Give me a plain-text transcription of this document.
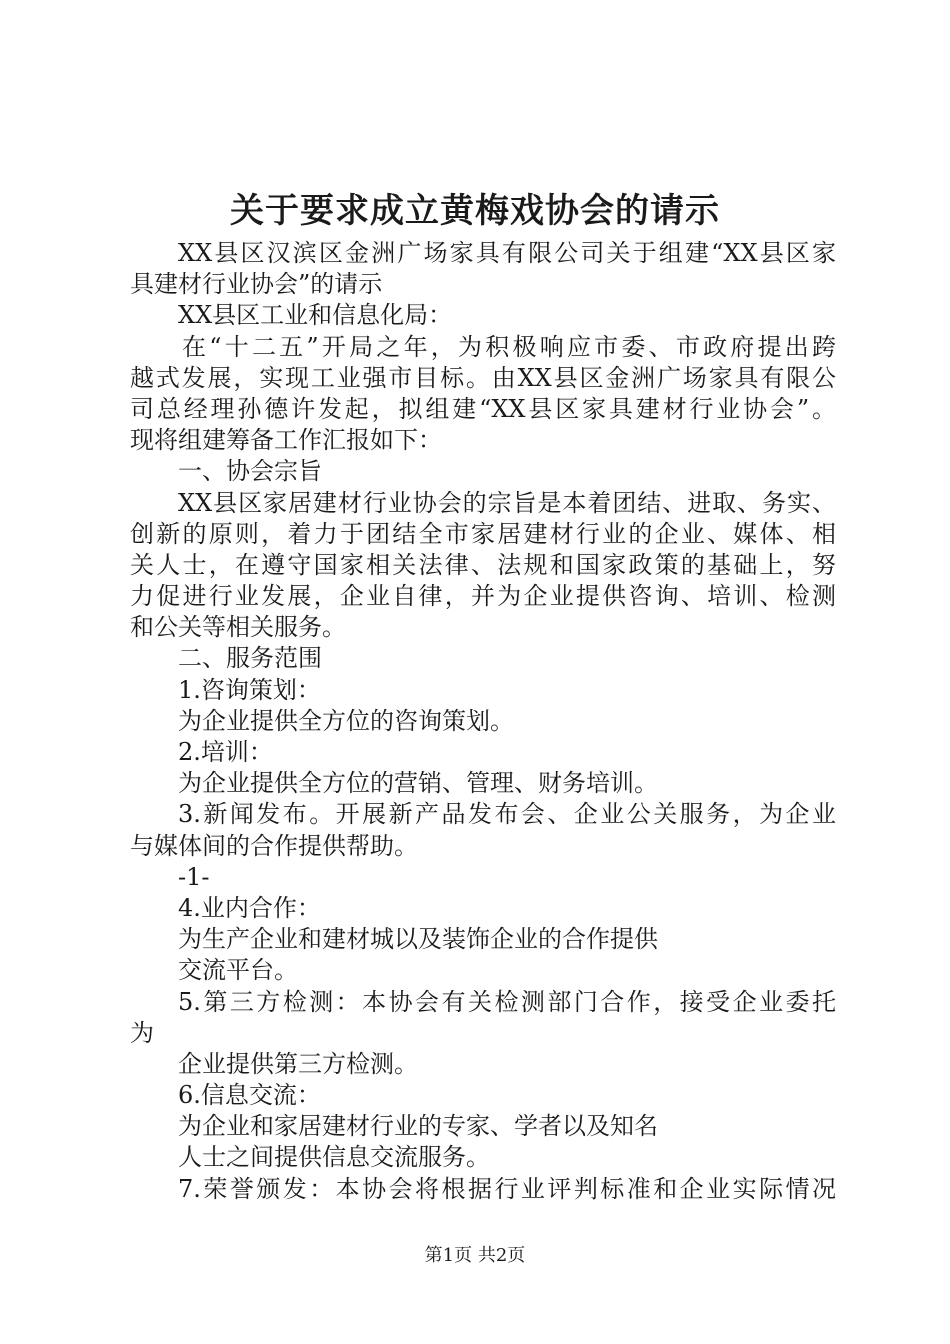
关于要求成立黄梅戏协会的请示
XX县区汉滨区金洲广场家具有限公司关于组建“XX县区家
具建材行业协会”的请示
XX县区工业和信息化局：
在“十二五”开局之年，为积极响应市委、市政府提出跨
越式发展，实现工业强市目标。由XX县区金洲广场家具有限公
司总经理孙德许发起，拟组建“XX县区家具建材行业协会”。
现将组建筹备工作汇报如下：
一、协会宗旨
XX县区家居建材行业协会的宗旨是本着团结、进取、务实、
创新的原则，着力于团结全市家居建材行业的企业、媒体、相
关人士，在遵守国家相关法律、法规和国家政策的基础上，努
力促进行业发展，企业自律，并为企业提供咨询、培训、检测
和公关等相关服务。
二、服务范围
1.咨询策划：
为企业提供全方位的咨询策划。
2.培训：
为企业提供全方位的营销、管理、财务培训。
3.新闻发布。开展新产品发布会、企业公关服务，为企业
与媒体间的合作提供帮助。
-1-
4.业内合作：
为生产企业和建材城以及装饰企业的合作提供
交流平台。
5.第三方检测：本协会有关检测部门合作，接受企业委托
为
企业提供第三方检测。
6.信息交流：
为企业和家居建材行业的专家、学者以及知名
人士之间提供信息交流服务。
7.荣誉颁发：本协会将根据行业评判标准和企业实际情况
第1页 共2页
